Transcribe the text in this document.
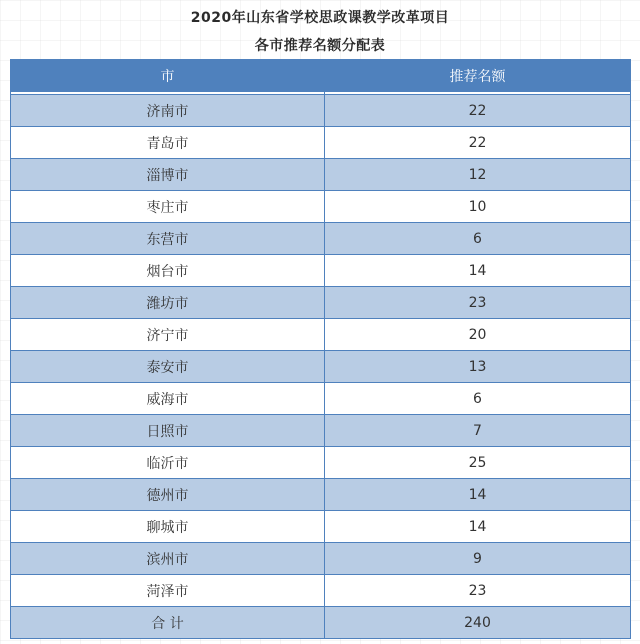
2020年山东省学校思政课教学改革项目
各市推荐名额分配表
市	推荐名额

济南市	22
青岛市	22
淄博市	12
枣庄市	10
东营市	6
烟台市	14
潍坊市	23
济宁市	20
泰安市	13
威海市	6
日照市	7
临沂市	25
德州市	14
聊城市	14
滨州市	9
菏泽市	23
合 计	240
